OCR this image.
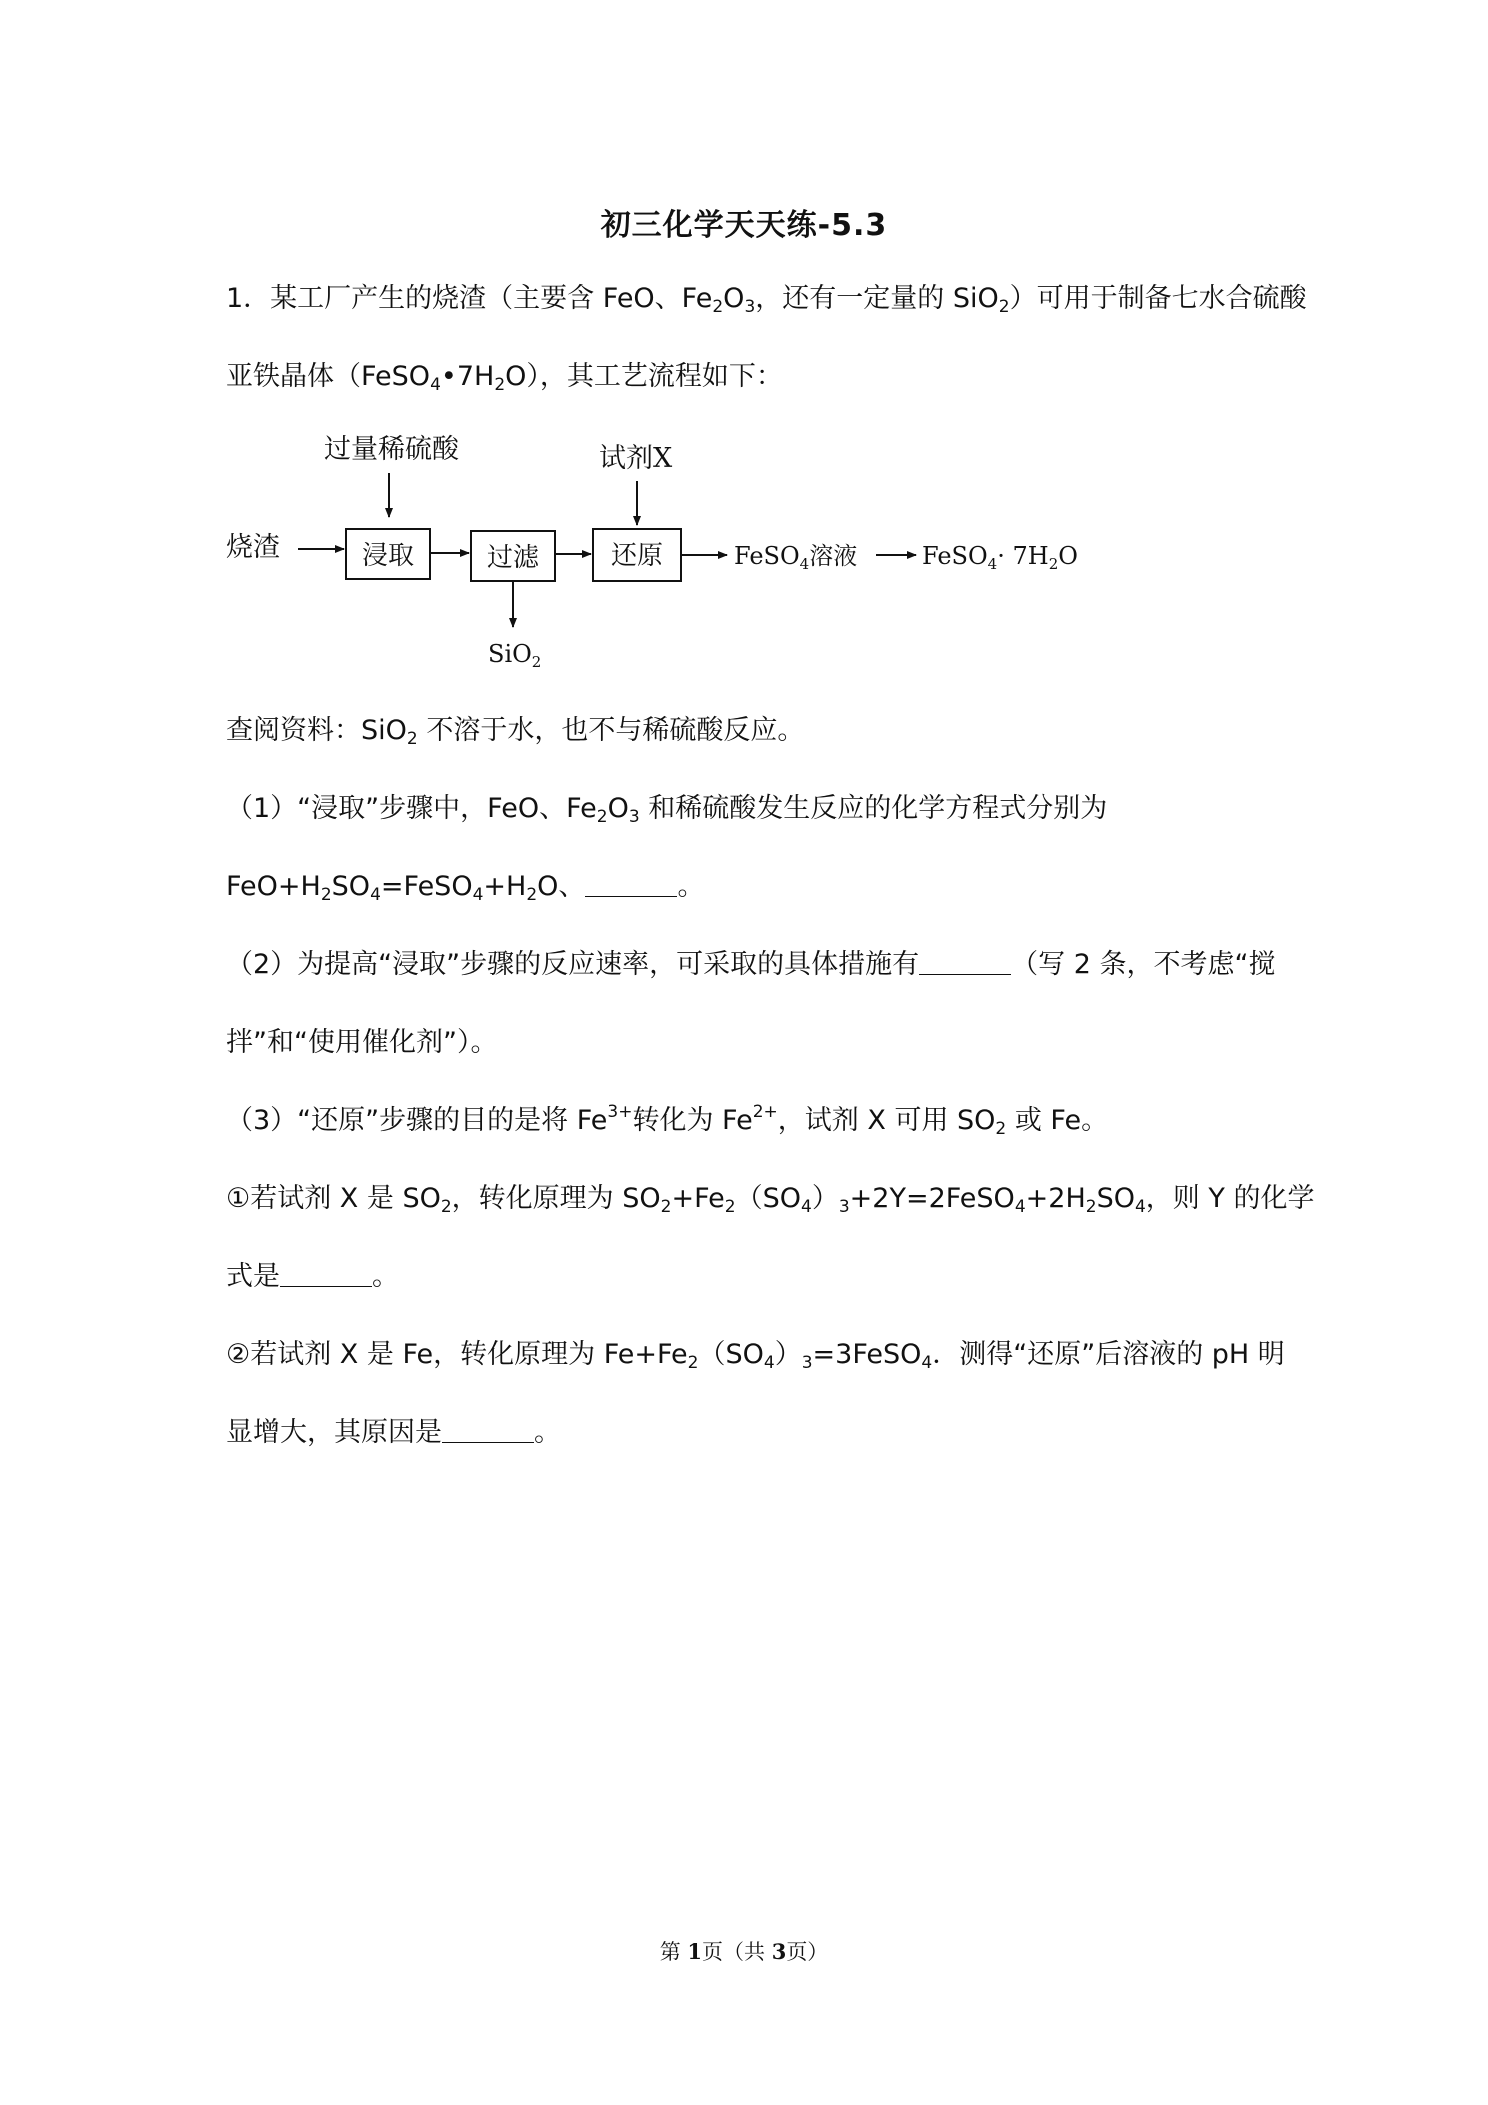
初三化学天天练-5.3
1．某工厂产生的烧渣（主要含 FeO、$Fe_2O_3$，还有一定量的 SiO$_2$）可用于制备七水合硫酸
亚铁晶体$(FeSO_4•7H_2O)$，其工艺流程如下：
过量稀硫酸	试剂X
烧渣	浸取	过滤	还原
SiO$_2$
FeSO$_4$溶液	FeSO$_4$· $7H_2O$
查阅资料：SiO$_2$ 不溶于水，也不与稀硫酸反应。
（1）“浸取”步骤中，FeO、$Fe_2O_3$ 和稀硫酸发生反应的化学方程式分别为
$FeO+H_2SO_4=FeSO_4+H_2O$、	。
（2）为提高“浸取”步骤的反应速率，可采取的具体措施有	（写 2 条，不考虑“搅
拌”和“使用催化剂”）。
（3）“还原”步骤的目的是将 $Fe^{3+}$转化为 $Fe^{2+}$，试剂 X 可用 $SO_2$ 或 Fe。
①若试剂 X 是 $SO_2$，转化原理为 $SO_2+Fe_2(SO_4)_3+2Y=2FeSO_4+2H_2SO_4$，则 Y 的化学
式是	。
②若试剂 X 是 Fe，转化原理为 $Fe+Fe_2(SO_4)_3=3FeSO_4$．测得“还原”后溶液的 pH 明
显增大，其原因是	。
第 1页（共 3页）
